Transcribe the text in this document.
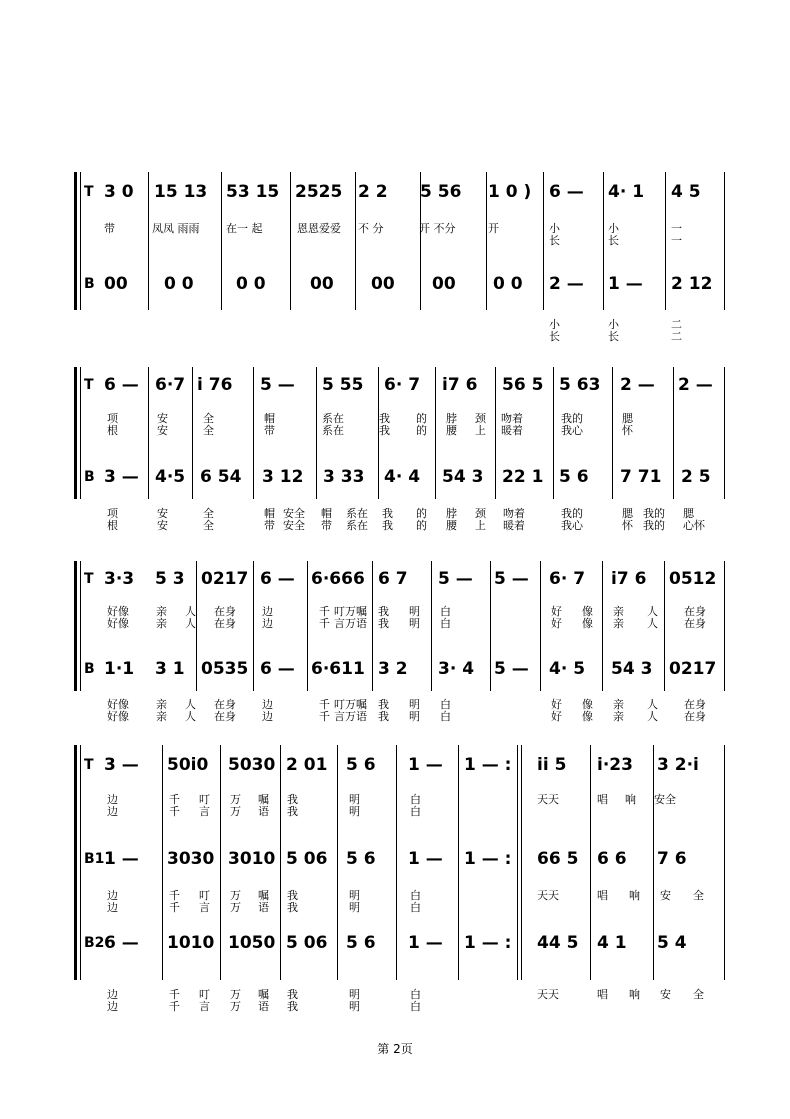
T 3 0 15 13 53 15 2525 2 2 5 56 1 0 ) 6 — 4· 1 4 5
带	凤凤 雨雨 在一 起	恩恩爱爱 不 分	开 不分	开	小	小	一
长	长	一
B 00 0 0 0 0	00 00 00 0 0 2 — 1 — 2 12
小	小	二
长	长	二
T 6 — 6·7 i 76 5 — 5 55 6· 7 i7 6 56 5 5 63 2 — 2 —
项	安	全	帽	系在	我 的 脖 颈 吻着	我的	腮
根	安	全	带	系在	我 的 腰 上 暖着	我心	怀
B 3 — 4·5 6 54 3 12 3 33 4· 4 54 3 22 1 5 6 7 71 2 5
项	安	全	帽 安全 帽 系在 我 的 脖 颈 吻着	我的	腮 我的 腮
根	安	全	带 安全 带 系在 我 的 腰 上 暖着	我心	怀 我的 心怀
T 3·3 5 3 0217 6 — 6·666 6 7 5 — 5 — 6· 7 i7 6 0512
好像 亲 人 在身 边	千 叮万嘱 我 明 白	好 像 亲 人 在身
好像 亲 人 在身 边	千 言万语 我 明 白	好 像 亲 人 在身
B 1·1 3 1 0535 6 — 6·611 3 2 3· 4 5 — 4· 5 54 3 0217
好像 亲 人 在身 边	千 叮万嘱 我 明 白	好 像 亲 人 在身
好像 亲 人 在身 边	千 言万语 我 明 白	好 像 亲 人 在身
T 3 — 50i0 5030 2 01 5 6 1 — 1 — : ii 5 i·23 3 2·i
边	千 叮 万 嘱 我	明	白	天天	唱 响 安全
边	千 言 万 语 我	明	白
B1 1 — 3030 3010 5 06 5 6 1 — 1 — : 66 5 6 6 7 6
边	千 叮 万 嘱 我	明	白	天天	唱 响 安 全
边	千 言 万 语 我	明	白
B2 6 — 1010 1050 5 06 5 6 1 — 1 — : 44 5 4 1 5 4
边	千 叮 万 嘱 我	明	白	天天	唱 响 安 全
边	千 言 万 语 我	明	白
第 2页
